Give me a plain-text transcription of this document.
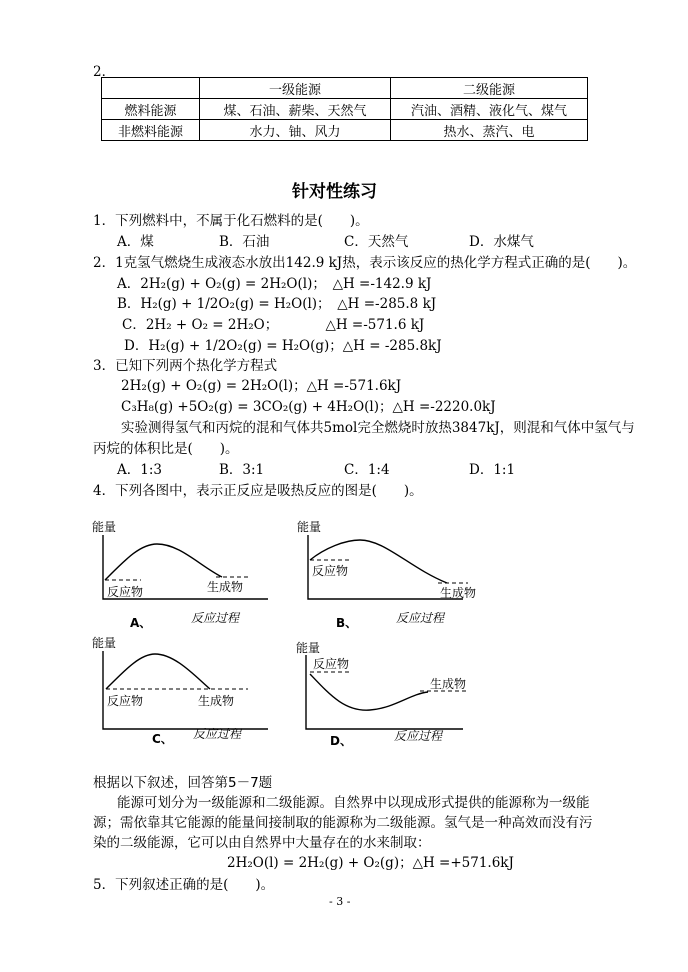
2．
	一级能源	二级能源
燃料能源	煤、石油、薪柴、天然气	汽油、酒精、液化气、煤气
非燃料能源	水力、铀、风力	热水、蒸汽、电
针对性练习
1．下列燃料中，不属于化石燃料的是(　　)。
A．煤	B．石油	C．天然气	D．水煤气
2．1克氢气燃烧生成液态水放出142.9 kJ热，表示该反应的热化学方程式正确的是(　　)。
A．2H₂(g) + O₂(g) = 2H₂O(l)；　△H =-142.9 kJ
B．H₂(g) + 1/2O₂(g) = H₂O(l)；　△H =-285.8 kJ
C．2H₂ + O₂ = 2H₂O；　　　　△H =-571.6 kJ
D．H₂(g) + 1/2O₂(g) = H₂O(g)；△H = -285.8kJ
3．已知下列两个热化学方程式
2H₂(g) + O₂(g) = 2H₂O(l)；△H =-571.6kJ
C₃H₈(g) +5O₂(g) = 3CO₂(g) + 4H₂O(l)；△H =-2220.0kJ
实验测得氢气和丙烷的混和气体共5mol完全燃烧时放热3847kJ，则混和气体中氢气与
丙烷的体积比是(　　)。
A．1:3	B．3:1	C．1:4	D．1:1
4．下列各图中，表示正反应是吸热反应的图是(　　)。
能量
反应物	生成物
A、	反应过程
能量
反应物
生成物
B、	反应过程
能量
反应物	生成物
C、 反应过程
能量
反应物
生成物
D、	反应过程
根据以下叙述，回答第5－7题
能源可划分为一级能源和二级能源。自然界中以现成形式提供的能源称为一级能
源；需依靠其它能源的能量间接制取的能源称为二级能源。氢气是一种高效而没有污
染的二级能源，它可以由自然界中大量存在的水来制取：
2H₂O(l) = 2H₂(g) + O₂(g)；△H =+571.6kJ
5．下列叙述正确的是(　　)。
- 3 -
